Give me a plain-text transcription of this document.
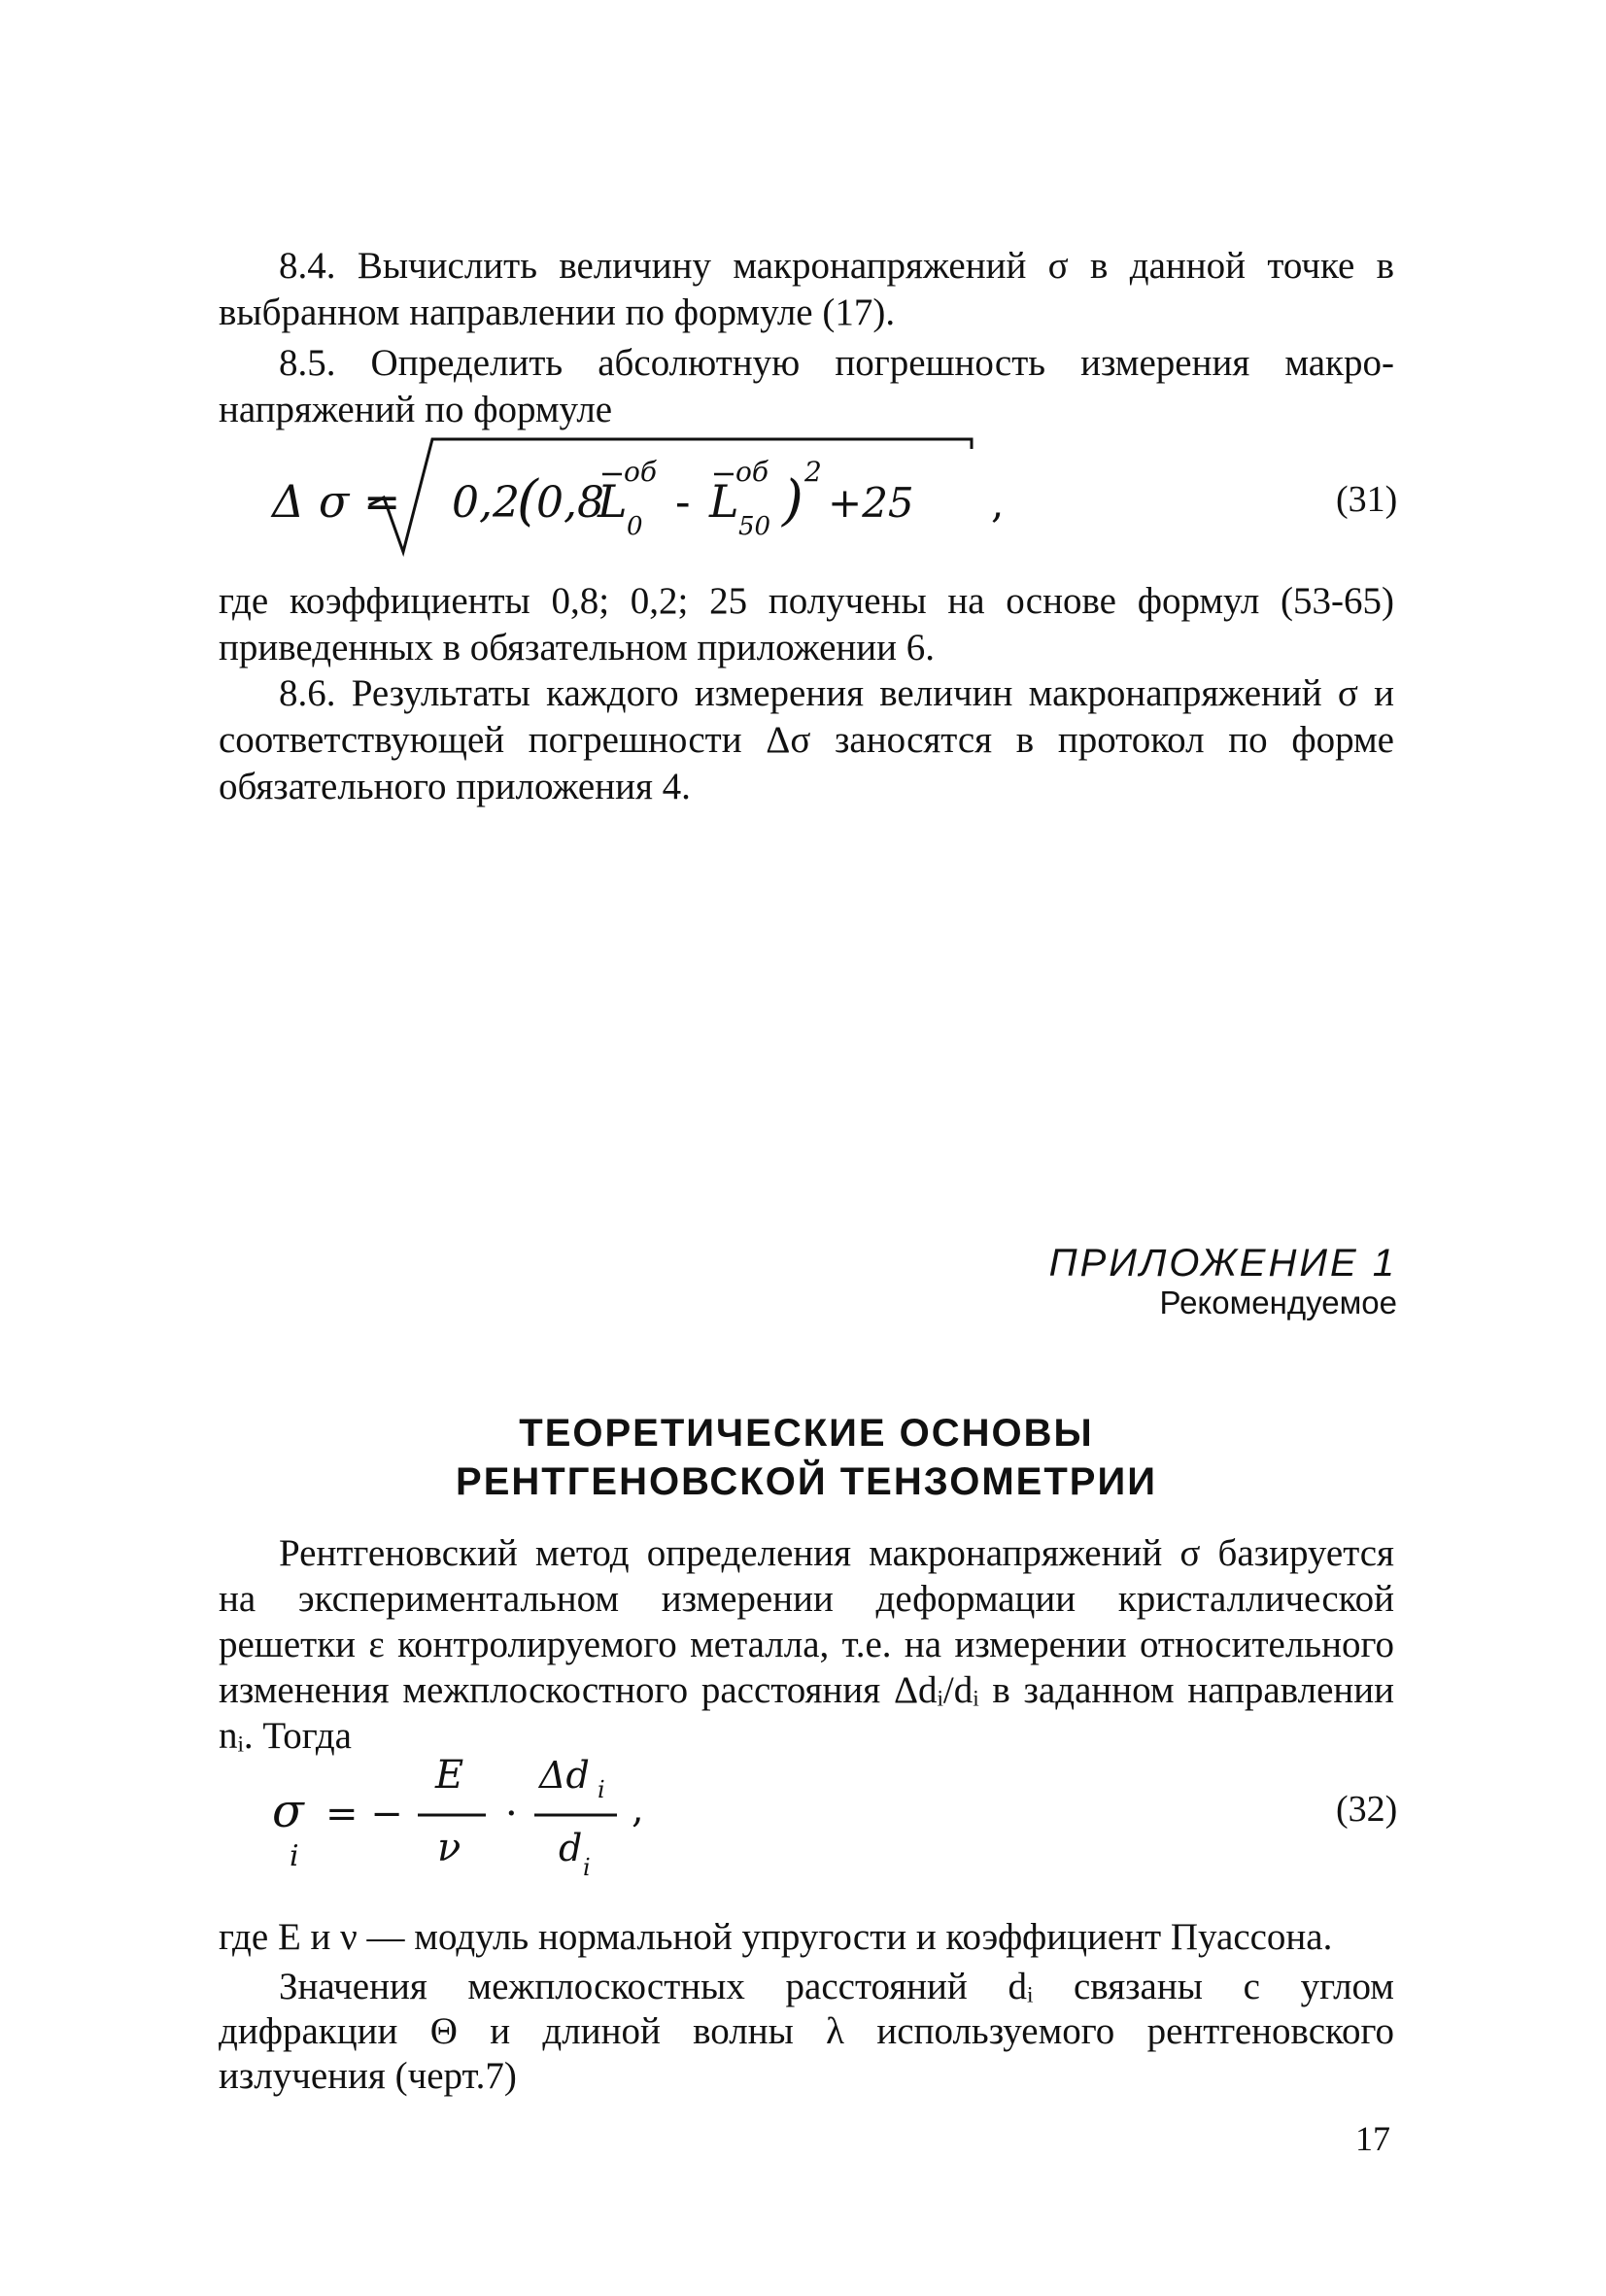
8.4. Вычислить величину макронапряжений σ в данной точке в выбранном направлении по формуле (17).

8.5. Определить абсолютную погрешность измерения макро- напряжений по формуле

Δ σ = 0,2
(
0,8
L
об
0 - L
об
50 ) 2
+25 ,	(31)

где коэффициенты 0,8; 0,2; 25 получены на основе формул (53-65) приведенных в обязательном приложении 6.

8.6. Результаты каждого измерения величин макронапряжений σ и соответствующей погрешности Δσ заносятся в протокол по форме обязательного приложения 4.

ПРИЛОЖЕНИЕ 1

Рекомендуемое

ТЕОРЕТИЧЕСКИЕ ОСНОВЫ
РЕНТГЕНОВСКОЙ ТЕНЗОМЕТРИИ

Рентгеновский метод определения макронапряжений σ базируется на экспериментальном измерении деформации кристаллической решетки ε контролируемого металла, т.е. на измерении относительного изменения межплоскостного расстояния Δdᵢ/dᵢ в заданном направлении nᵢ. Тогда

σ
i
= −
E
ν
·
Δd i
d i
,	(32)

где E и ν — модуль нормальной упругости и коэффициент Пуассона.

Значения межплоскостных расстояний dᵢ связаны с углом дифракции Θ и длиной волны λ используемого рентгеновского излучения (черт.7)

17
